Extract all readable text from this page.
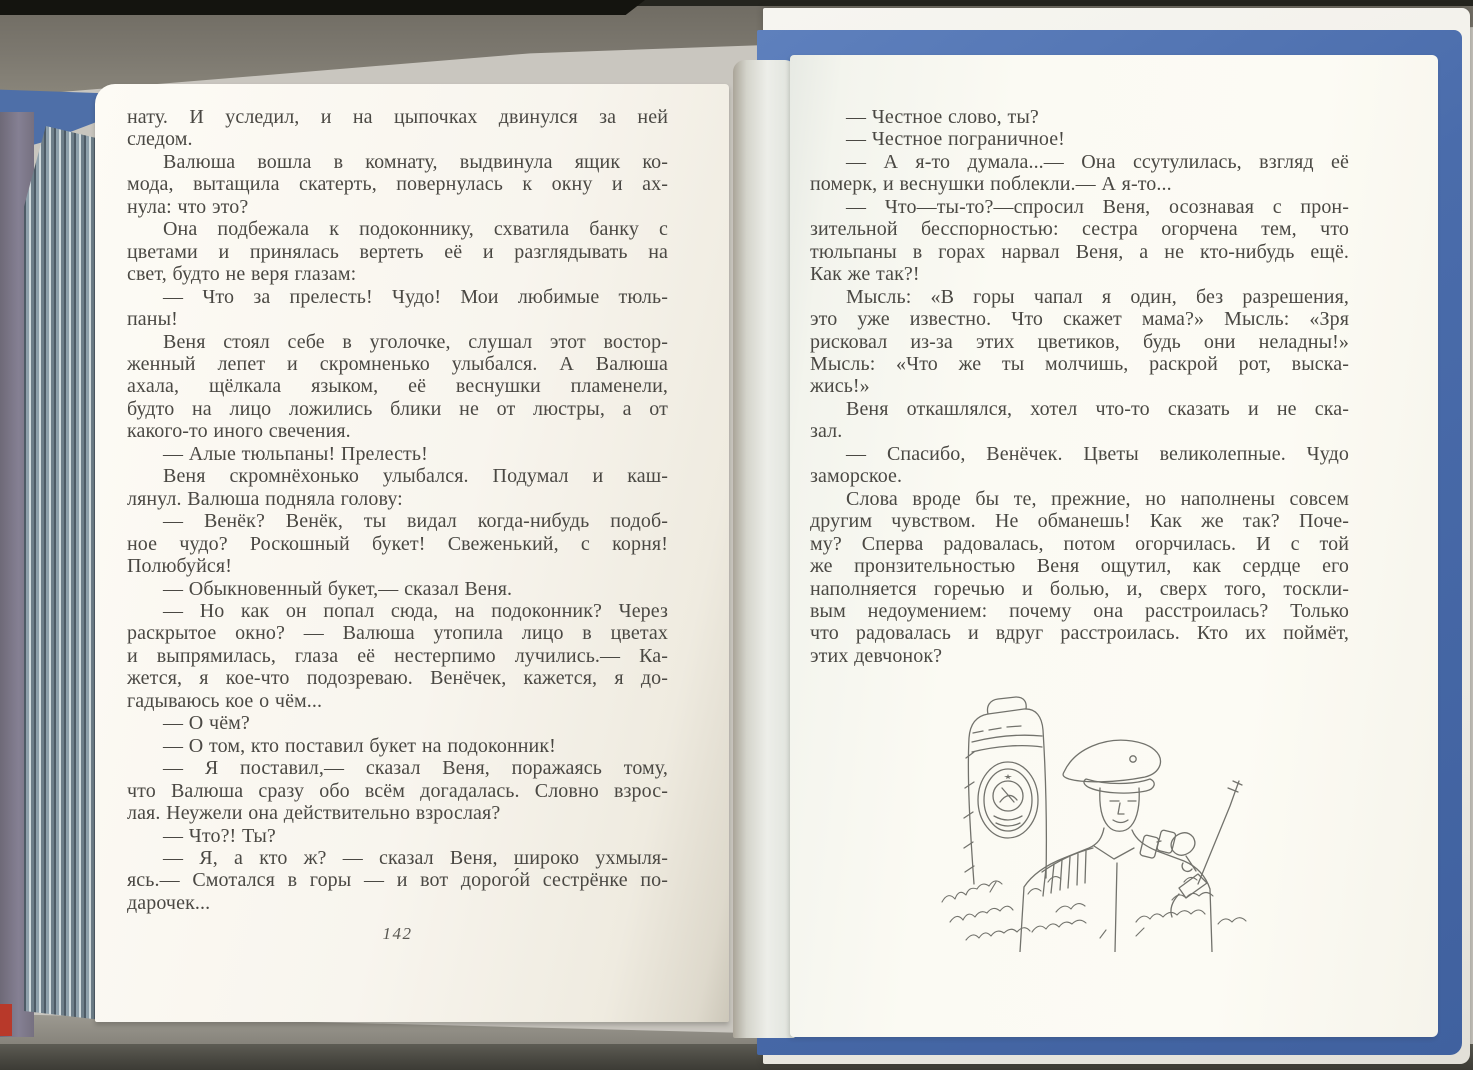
нату. И уследил, и на цыпочках двинулся за ней
следом.
Валюша вошла в комнату, выдвинула ящик ко-
мода, вытащила скатерть, повернулась к окну и ах-
нула: что это?
Она подбежала к подоконнику, схватила банку с
цветами и принялась вертеть её и разглядывать на
свет, будто не веря глазам:
— Что за прелесть! Чудо! Мои любимые тюль-
паны!
Веня стоял себе в уголочке, слушал этот востор-
женный лепет и скромненько улыбался. А Валюша
ахала, щёлкала языком, её веснушки пламенели,
будто на лицо ложились блики не от люстры, а от
какого-то иного свечения.
— Алые тюльпаны! Прелесть!
Веня скромнёхонько улыбался. Подумал и каш-
лянул. Валюша подняла голову:
— Венёк? Венёк, ты видал когда-нибудь подоб-
ное чудо? Роскошный букет! Свеженький, с корня!
Полюбуйся!
— Обыкновенный букет,— сказал Веня.
— Но как он попал сюда, на подоконник? Через
раскрытое окно? — Валюша утопила лицо в цветах
и выпрямилась, глаза её нестерпимо лучились.— Ка-
жется, я кое-что подозреваю. Венёчек, кажется, я до-
гадываюсь кое о чём...
— О чём?
— О том, кто поставил букет на подоконник!
— Я поставил,— сказал Веня, поражаясь тому,
что Валюша сразу обо всём догадалась. Словно взрос-
лая. Неужели она действительно взрослая?
— Что?! Ты?
— Я, а кто ж? — сказал Веня, широко ухмыля-
ясь.— Смотался в горы — и вот дорого́й сестрёнке по-
дарочек...
142
— Честное слово, ты?
— Честное пограничное!
— А я-то думала...— Она ссутулилась, взгляд её
померк, и веснушки поблекли.— А я-то...
— Что—ты-то?—спросил Веня, осознавая с прон-
зительной бесспорностью: сестра огорчена тем, что
тюльпаны в горах нарвал Веня, а не кто-нибудь ещё.
Как же так?!
Мысль: «В горы чапал я один, без разрешения,
это уже известно. Что скажет мама?» Мысль: «Зря
рисковал из-за этих цветиков, будь они неладны!»
Мысль: «Что же ты молчишь, раскрой рот, выска-
жись!»
Веня откашлялся, хотел что-то сказать и не ска-
зал.
— Спасибо, Венёчек. Цветы великолепные. Чудо
заморское.
Слова вроде бы те, прежние, но наполнены совсем
другим чувством. Не обманешь! Как же так? Поче-
му? Сперва радовалась, потом огорчилась. И с той
же пронзительностью Веня ощутил, как сердце его
наполняется горечью и болью, и, сверх того, тоскли-
вым недоумением: почему она расстроилась? Только
что радовалась и вдруг расстроилась. Кто их поймёт,
этих девчонок?
